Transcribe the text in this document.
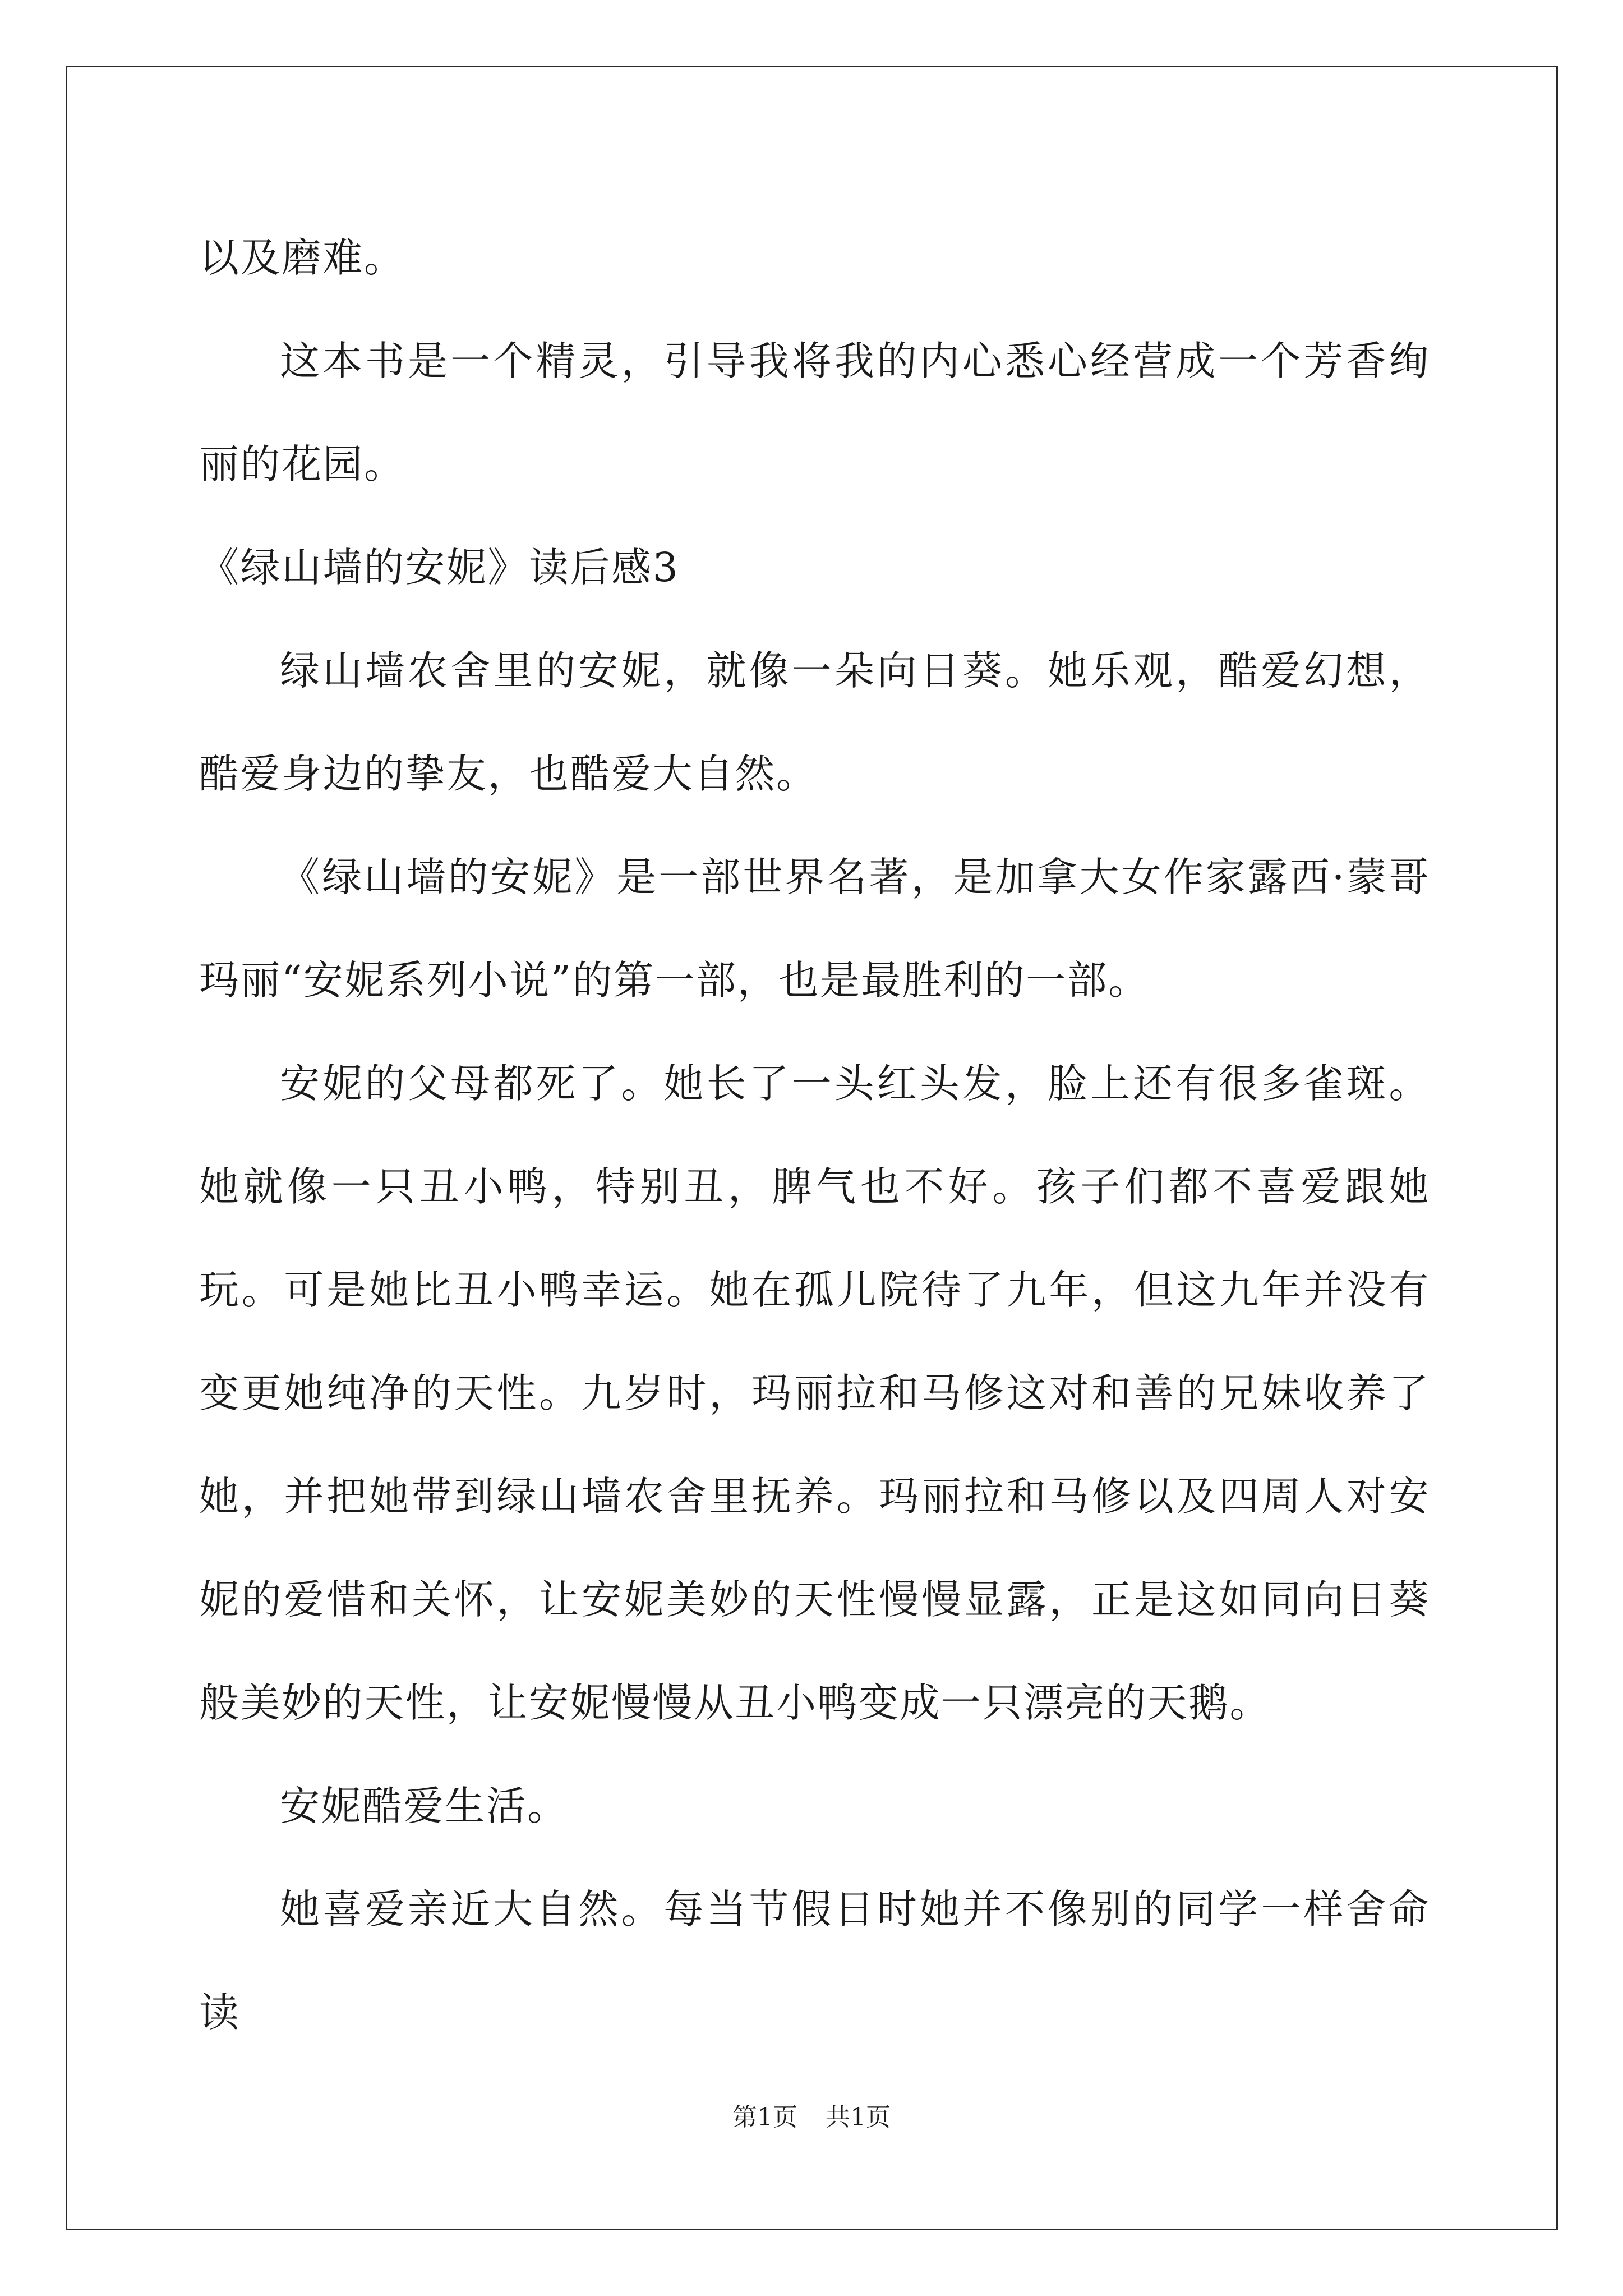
以及磨难。

这本书是一个精灵，引导我将我的内心悉心经营成一个芳香绚丽的花园。

《绿山墙的安妮》读后感3

绿山墙农舍里的安妮，就像一朵向日葵。她乐观，酷爱幻想，酷爱身边的挚友，也酷爱大自然。

《绿山墙的安妮》是一部世界名著，是加拿大女作家露西·蒙哥玛丽“安妮系列小说”的第一部，也是最胜利的一部。

安妮的父母都死了。她长了一头红头发，脸上还有很多雀斑。她就像一只丑小鸭，特别丑，脾气也不好。孩子们都不喜爱跟她玩。可是她比丑小鸭幸运。她在孤儿院待了九年，但这九年并没有变更她纯净的天性。九岁时，玛丽拉和马修这对和善的兄妹收养了她，并把她带到绿山墙农舍里抚养。玛丽拉和马修以及四周人对安妮的爱惜和关怀，让安妮美妙的天性慢慢显露，正是这如同向日葵般美妙的天性，让安妮慢慢从丑小鸭变成一只漂亮的天鹅。

安妮酷爱生活。

她喜爱亲近大自然。每当节假日时她并不像别的同学一样舍命读

第1页 共1页
